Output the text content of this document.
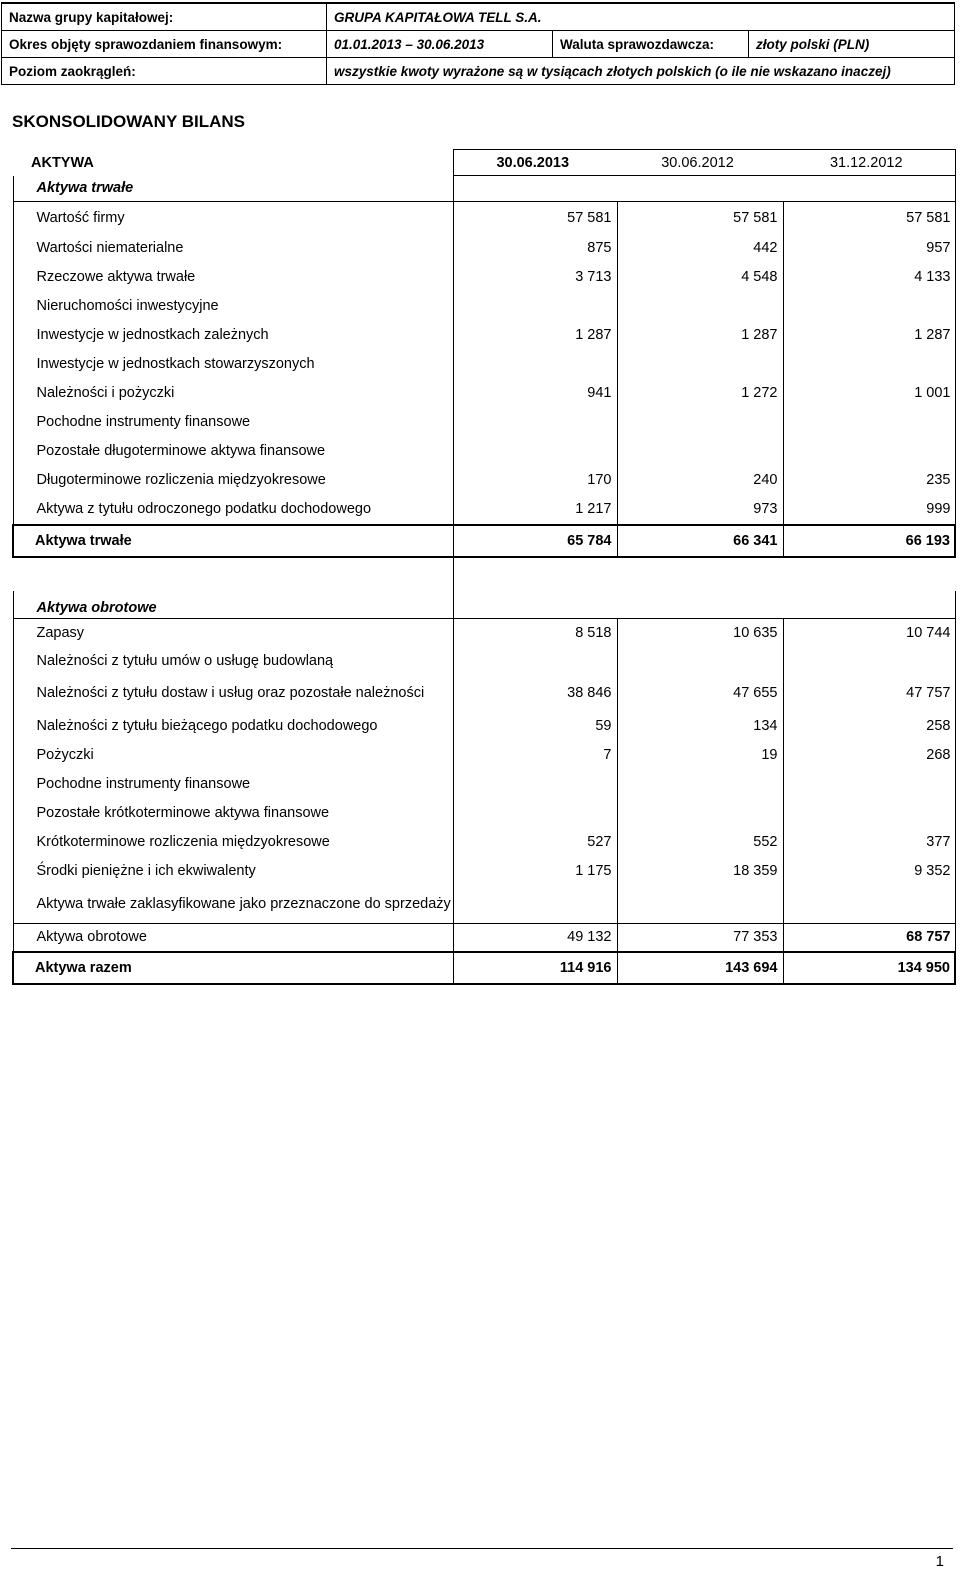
Nazwa grupy kapitałowej:	GRUPA KAPITAŁOWA TELL S.A.		
Okres objęty sprawozdaniem finansowym:	01.01.2013 – 30.06.2013	Waluta sprawozdawcza:	złoty polski (PLN)
Poziom zaokrągleń:	wszystkie kwoty wyrażone są w tysiącach złotych polskich (o ile nie wskazano inaczej)		
SKONSOLIDOWANY BILANS
AKTYWA	30.06.2013	30.06.2012	31.12.2012
Aktywa trwałe			
Wartość firmy	57 581	57 581	57 581
Wartości niematerialne	875	442	957
Rzeczowe aktywa trwałe	3 713	4 548	4 133
Nieruchomości inwestycyjne			
Inwestycje w jednostkach zależnych	1 287	1 287	1 287
Inwestycje w jednostkach stowarzyszonych			
Należności i pożyczki	941	1 272	1 001
Pochodne instrumenty finansowe			
Pozostałe długoterminowe aktywa finansowe			
Długoterminowe rozliczenia międzyokresowe	170	240	235
Aktywa z tytułu odroczonego podatku dochodowego	1 217	973	999
Aktywa trwałe	65 784	66 341	66 193

Aktywa obrotowe			
Zapasy	8 518	10 635	10 744
Należności z tytułu umów o usługę budowlaną			
Należności z tytułu dostaw i usług oraz pozostałe należności	38 846	47 655	47 757
Należności z tytułu bieżącego podatku dochodowego	59	134	258
Pożyczki	7	19	268
Pochodne instrumenty finansowe			
Pozostałe krótkoterminowe aktywa finansowe			
Krótkoterminowe rozliczenia międzyokresowe	527	552	377
Środki pieniężne i ich ekwiwalenty	1 175	18 359	9 352
Aktywa trwałe zaklasyfikowane jako przeznaczone do sprzedaży			
Aktywa obrotowe	49 132	77 353	68 757
Aktywa razem	114 916	143 694	134 950
1
